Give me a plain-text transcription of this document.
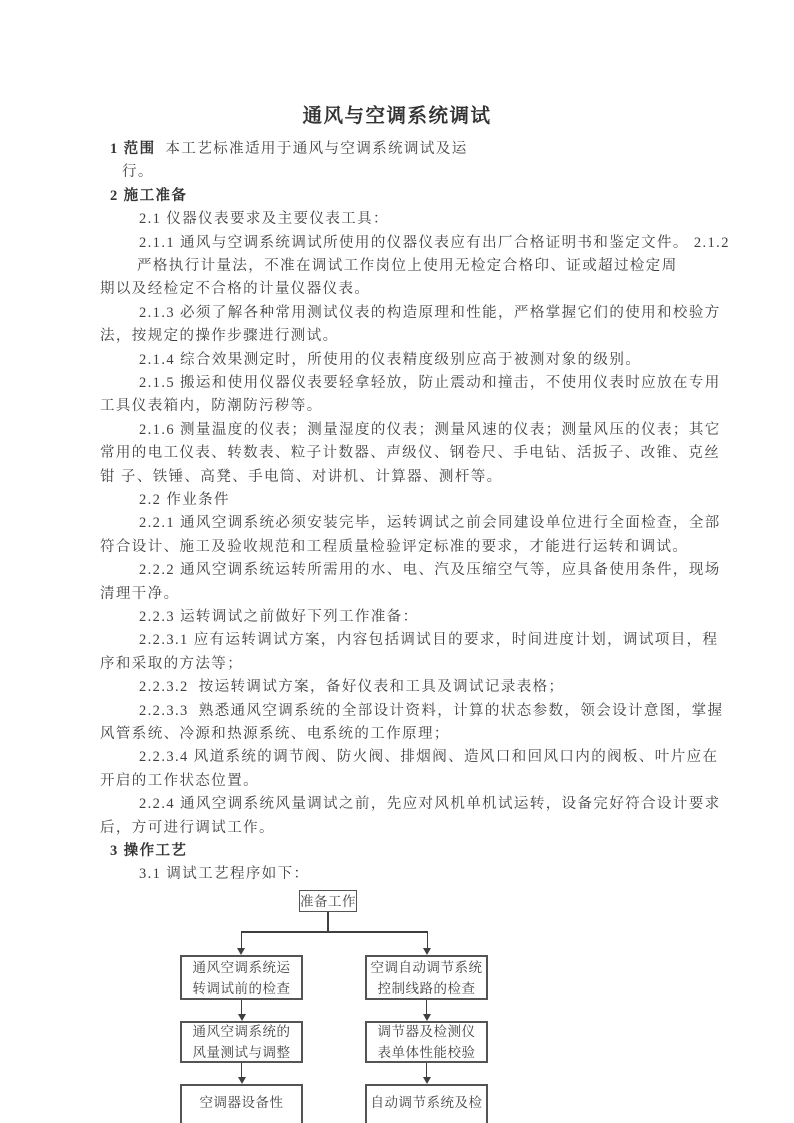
通风与空调系统调试
1 范围  本工艺标准适用于通风与空调系统调试及运
行。
2 施工准备
2.1 仪器仪表要求及主要仪表工具：
2.1.1 通风与空调系统调试所使用的仪器仪表应有出厂合格证明书和鉴定文件。 2.1.2
严格执行计量法，不准在调试工作岗位上使用无检定合格印、证或超过检定周
期以及经检定不合格的计量仪器仪表。
2.1.3 必须了解各种常用测试仪表的构造原理和性能，严格掌握它们的使用和校验方
法，按规定的操作步骤进行测试。
2.1.4 综合效果测定时，所使用的仪表精度级别应高于被测对象的级别。
2.1.5 搬运和使用仪器仪表要轻拿轻放，防止震动和撞击，不使用仪表时应放在专用
工具仪表箱内，防潮防污秽等。
2.1.6 测量温度的仪表；测量湿度的仪表；测量风速的仪表；测量风压的仪表；其它
常用的电工仪表、转数表、粒子计数器、声级仪、钢卷尺、手电钻、活扳子、改锥、克丝
钳 子、铁锤、高凳、手电筒、对讲机、计算器、测杆等。
2.2 作业条件
2.2.1 通风空调系统必须安装完毕，运转调试之前会同建设单位进行全面检查，全部
符合设计、施工及验收规范和工程质量检验评定标准的要求，才能进行运转和调试。
2.2.2 通风空调系统运转所需用的水、电、汽及压缩空气等，应具备使用条件，现场
清理干净。
2.2.3 运转调试之前做好下列工作准备：
2.2.3.1 应有运转调试方案，内容包括调试目的要求，时间进度计划，调试项目，程
序和采取的方法等；
2.2.3.2  按运转调试方案，备好仪表和工具及调试记录表格；
2.2.3.3  熟悉通风空调系统的全部设计资料，计算的状态参数，领会设计意图，掌握
风管系统、冷源和热源系统、电系统的工作原理；
2.2.3.4 风道系统的调节阀、防火阀、排烟阀、造风口和回风口内的阀板、叶片应在
开启的工作状态位置。
2.2.4 通风空调系统风量调试之前，先应对风机单机试运转，设备完好符合设计要求
后，方可进行调试工作。
3 操作工艺
3.1 调试工艺程序如下：
准备工作
通风空调系统运
转调试前的检查
通风空调系统的
风量测试与调整
空调器设备性
空调自动调节系统
控制线路的检查
调节器及检测仪
表单体性能校验
自动调节系统及检
